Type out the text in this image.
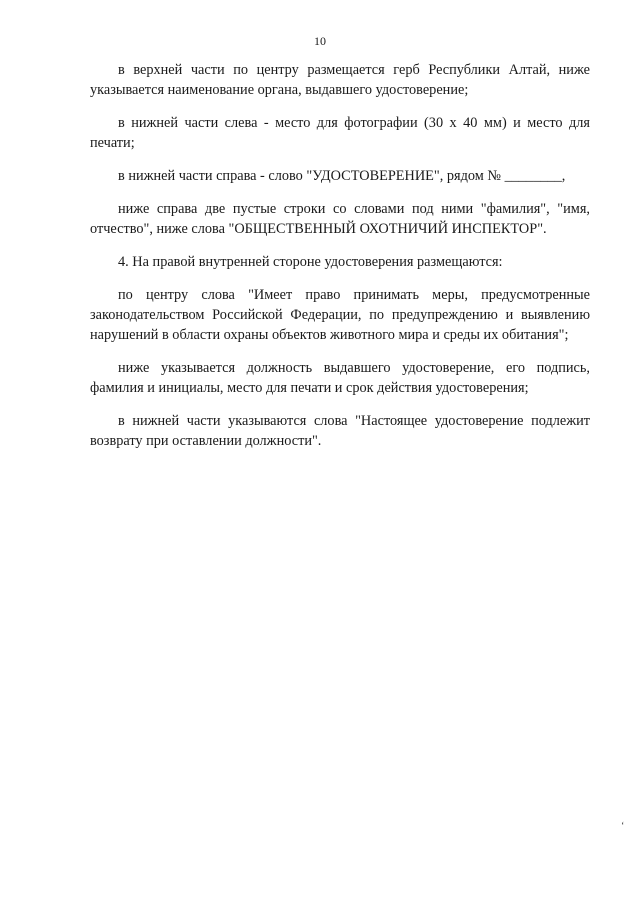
10

в верхней части по центру размещается герб Республики Алтай, ниже указывается наименование органа, выдавшего удостоверение;

в нижней части слева - место для фотографии (30 х 40 мм) и место для печати;

в нижней части справа - слово "УДОСТОВЕРЕНИЕ", рядом № ________,

ниже справа две пустые строки со словами под ними "фамилия", "имя, отчество", ниже слова "ОБЩЕСТВЕННЫЙ ОХОТНИЧИЙ ИНСПЕКТОР".

4. На правой внутренней стороне удостоверения размещаются:

по центру слова "Имеет право принимать меры, предусмотренные законодательством Российской Федерации, по предупреждению и выявлению нарушений в области охраны объектов животного мира и среды их обитания";

ниже указывается должность выдавшего удостоверение, его подпись, фамилия и инициалы, место для печати и срок действия удостоверения;

в нижней части указываются слова "Настоящее удостоверение подлежит возврату при оставлении должности".

‘
